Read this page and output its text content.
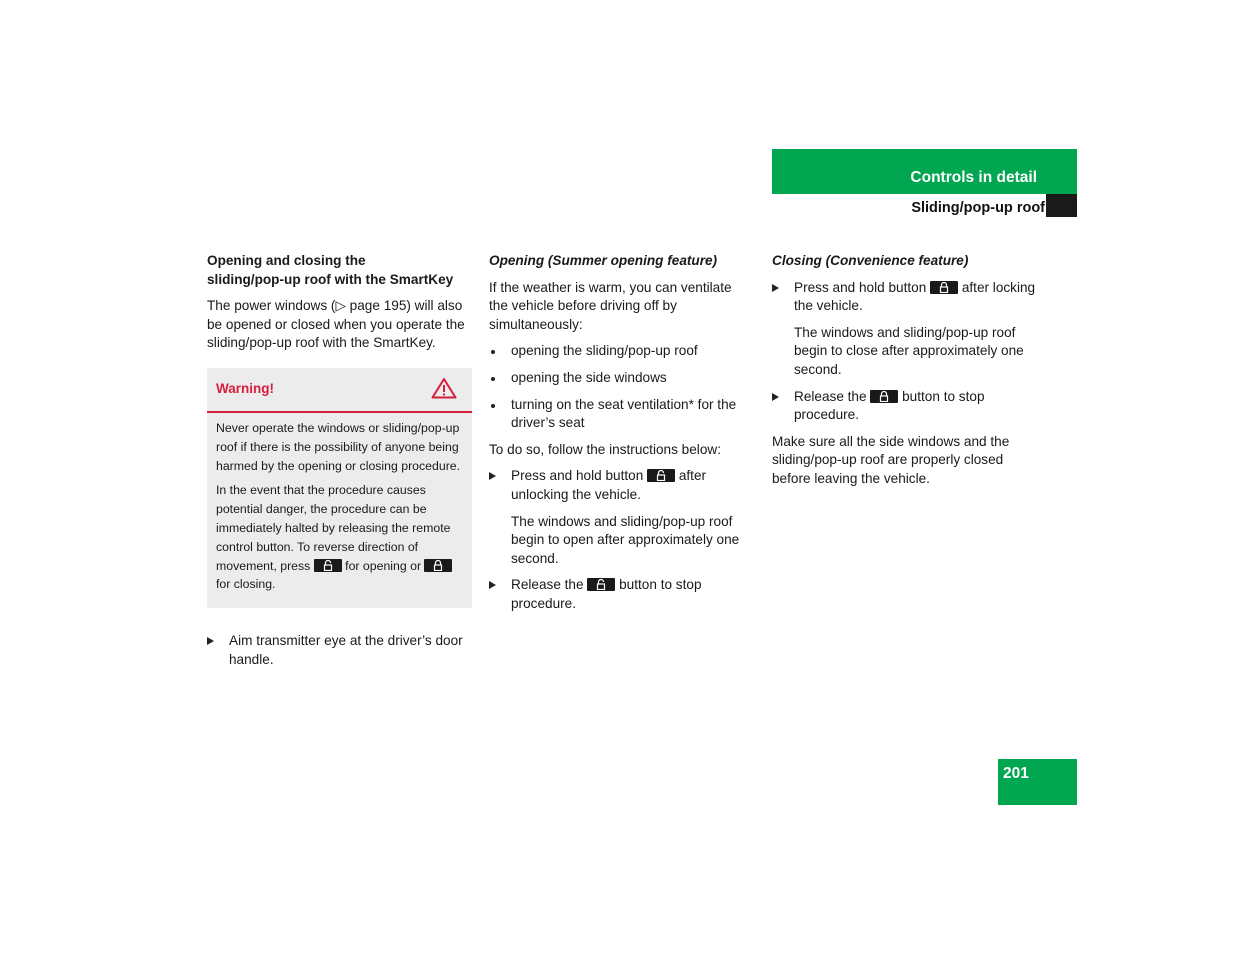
Controls in detail
Sliding/pop-up roof
Opening and closing the
sliding/pop-up roof with the SmartKey

The power windows (▷ page 195) will also be opened or closed when you operate the sliding/pop-up roof with the SmartKey.

Warning!

Never operate the windows or sliding/pop-up roof if there is the possibility of anyone being harmed by the opening or closing procedure.

In the event that the procedure causes potential danger, the procedure can be immediately halted by releasing the remote control button. To reverse direction of movement, press	for opening or
for closing.

Aim transmitter eye at the driver’s door handle.

Opening (Summer opening feature)

If the weather is warm, you can ventilate the vehicle before driving off by simultaneously:

opening the sliding/pop-up roof
opening the side windows
turning on the seat ventilation* for the driver’s seat

To do so, follow the instructions below:

Press and hold button	after unlocking the vehicle.
The windows and sliding/pop-up roof begin to open after approximately one second.
Release the	button to stop procedure.

Closing (Convenience feature)

Press and hold button	after locking the vehicle.
The windows and sliding/pop-up roof begin to close after approximately one second.
Release the	button to stop procedure.

Make sure all the side windows and the sliding/pop-up roof are properly closed before leaving the vehicle.

201
